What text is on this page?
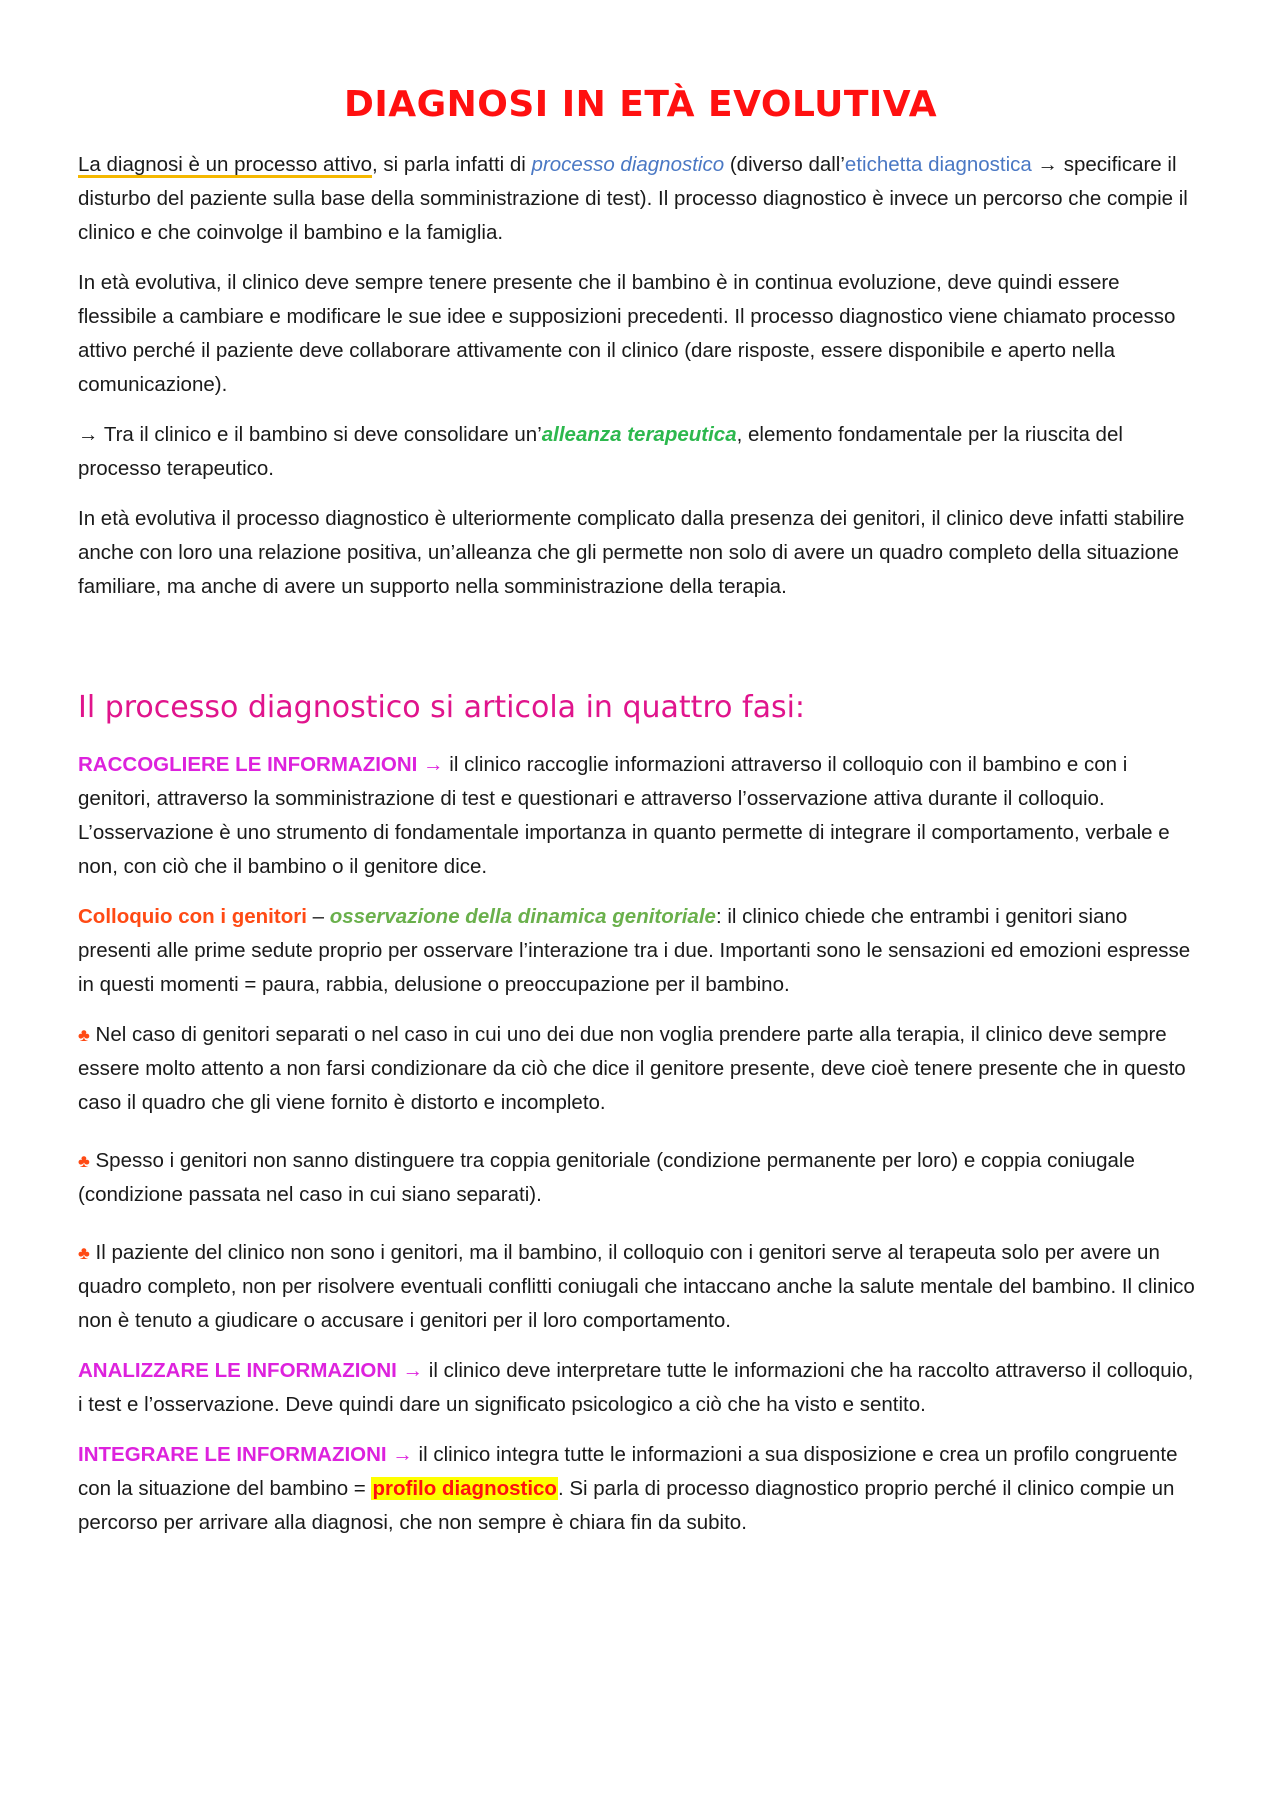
DIAGNOSI IN ETÀ EVOLUTIVA

La diagnosi è un processo attivo, si parla infatti di processo diagnostico (diverso dall’etichetta diagnostica → specificare il disturbo del paziente sulla base della somministrazione di test). Il processo diagnostico è invece un percorso che compie il clinico e che coinvolge il bambino e la famiglia.

In età evolutiva, il clinico deve sempre tenere presente che il bambino è in continua evoluzione, deve quindi essere flessibile a cambiare e modificare le sue idee e supposizioni precedenti. Il processo diagnostico viene chiamato processo attivo perché il paziente deve collaborare attivamente con il clinico (dare risposte, essere disponibile e aperto nella comunicazione).

→ Tra il clinico e il bambino si deve consolidare un’alleanza terapeutica, elemento fondamentale per la riuscita del processo terapeutico.

In età evolutiva il processo diagnostico è ulteriormente complicato dalla presenza dei genitori, il clinico deve infatti stabilire anche con loro una relazione positiva, un’alleanza che gli permette non solo di avere un quadro completo della situazione familiare, ma anche di avere un supporto nella somministrazione della terapia.

Il processo diagnostico si articola in quattro fasi:

RACCOGLIERE LE INFORMAZIONI → il clinico raccoglie informazioni attraverso il colloquio con il bambino e con i genitori, attraverso la somministrazione di test e questionari e attraverso l’osservazione attiva durante il colloquio. L’osservazione è uno strumento di fondamentale importanza in quanto permette di integrare il comportamento, verbale e non, con ciò che il bambino o il genitore dice.

Colloquio con i genitori – osservazione della dinamica genitoriale: il clinico chiede che entrambi i genitori siano presenti alle prime sedute proprio per osservare l’interazione tra i due. Importanti sono le sensazioni ed emozioni espresse in questi momenti = paura, rabbia, delusione o preoccupazione per il bambino.

♣ Nel caso di genitori separati o nel caso in cui uno dei due non voglia prendere parte alla terapia, il clinico deve sempre essere molto attento a non farsi condizionare da ciò che dice il genitore presente, deve cioè tenere presente che in questo caso il quadro che gli viene fornito è distorto e incompleto.

♣ Spesso i genitori non sanno distinguere tra coppia genitoriale (condizione permanente per loro) e coppia coniugale (condizione passata nel caso in cui siano separati).

♣ Il paziente del clinico non sono i genitori, ma il bambino, il colloquio con i genitori serve al terapeuta solo per avere un quadro completo, non per risolvere eventuali conflitti coniugali che intaccano anche la salute mentale del bambino. Il clinico non è tenuto a giudicare o accusare i genitori per il loro comportamento.

ANALIZZARE LE INFORMAZIONI → il clinico deve interpretare tutte le informazioni che ha raccolto attraverso il colloquio, i test e l’osservazione. Deve quindi dare un significato psicologico a ciò che ha visto e sentito.

INTEGRARE LE INFORMAZIONI → il clinico integra tutte le informazioni a sua disposizione e crea un profilo congruente con la situazione del bambino = profilo diagnostico. Si parla di processo diagnostico proprio perché il clinico compie un percorso per arrivare alla diagnosi, che non sempre è chiara fin da subito.
